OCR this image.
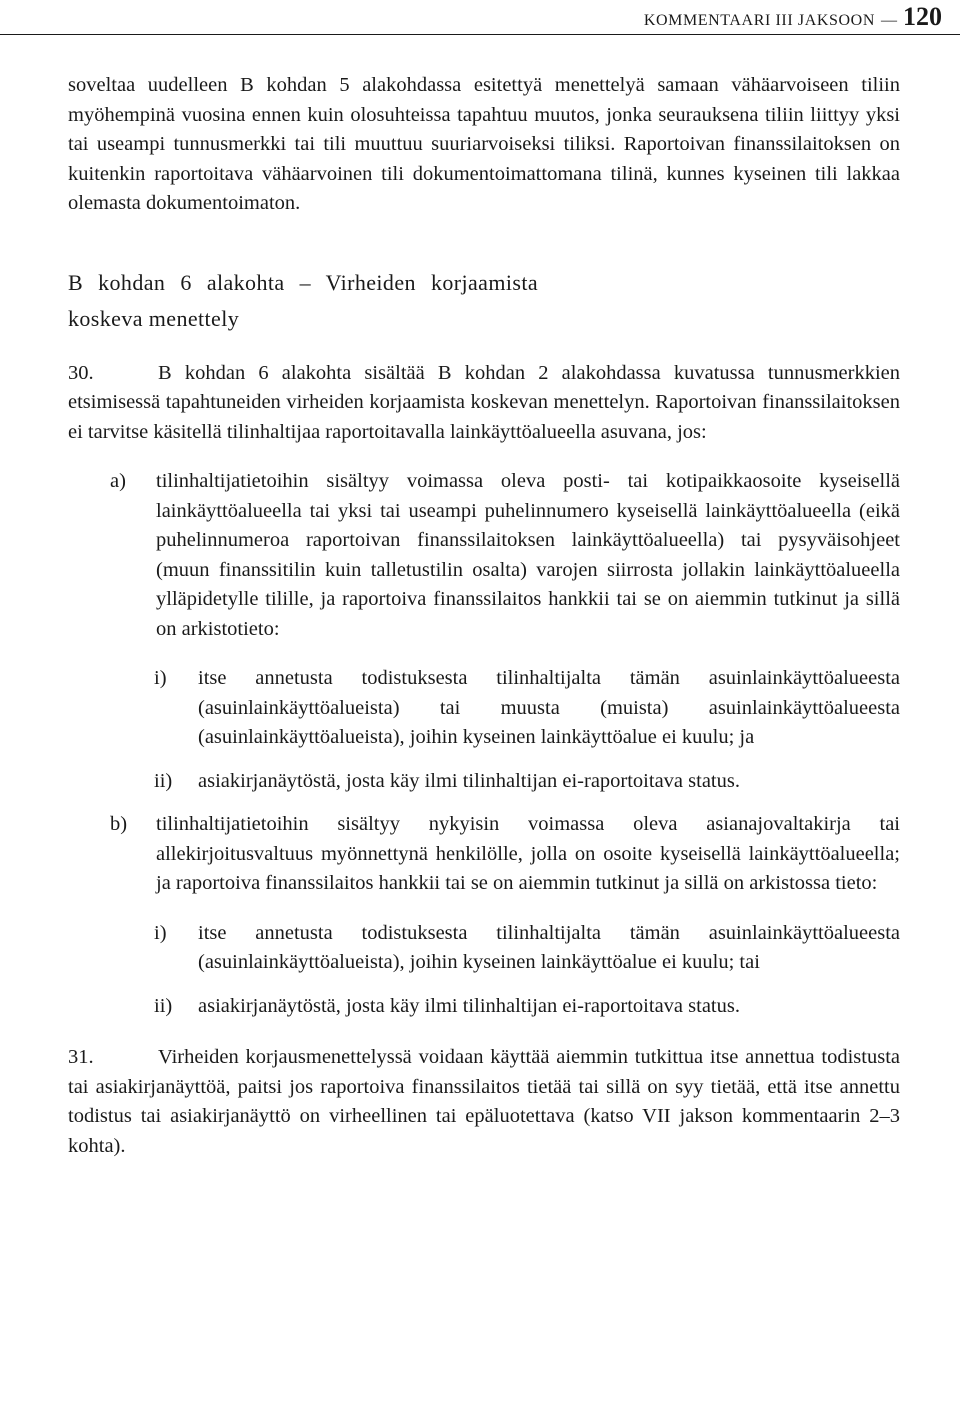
KOMMENTAARI III JAKSOON — 120

soveltaa uudelleen B kohdan 5 alakohdassa esitettyä menettelyä samaan vähäarvoiseen tiliin myöhempinä vuosina ennen kuin olosuhteissa tapahtuu muutos, jonka seurauksena tiliin liittyy yksi tai useampi tunnusmerkki tai tili muuttuu suuriarvoiseksi tiliksi. Raportoivan finanssilaitoksen on kuitenkin raportoitava vähäarvoinen tili dokumentoimattomana tilinä, kunnes kyseinen tili lakkaa olemasta dokumentoimaton.

B kohdan 6 alakohta – Virheiden korjaamista koskeva menettely

30.	B kohdan 6 alakohta sisältää B kohdan 2 alakohdassa kuvatussa tunnusmerkkien etsimisessä tapahtuneiden virheiden korjaamista koskevan menettelyn. Raportoivan finanssilaitoksen ei tarvitse käsitellä tilinhaltijaa raportoitavalla lainkäyttöalueella asuvana, jos:

a) tilinhaltijatietoihin sisältyy voimassa oleva posti- tai kotipaikkaosoite kyseisellä lainkäyttöalueella tai yksi tai useampi puhelinnumero kyseisellä lainkäyttöalueella (eikä puhelinnumeroa raportoivan finanssilaitoksen lainkäyttöalueella) tai pysyväisohjeet (muun finanssitilin kuin talletustilin osalta) varojen siirrosta jollakin lainkäyttöalueella ylläpidetylle tilille, ja raportoiva finanssilaitos hankkii tai se on aiemmin tutkinut ja sillä on arkistotieto:
i) itse annetusta todistuksesta tilinhaltijalta tämän asuinlainkäyttöalueesta (asuinlainkäyttöalueista) tai muusta (muista) asuinlainkäyttöalueesta (asuinlainkäyttöalueista), joihin kyseinen lainkäyttöalue ei kuulu; ja
ii) asiakirjanäytöstä, josta käy ilmi tilinhaltijan ei-raportoitava status.
b) tilinhaltijatietoihin sisältyy nykyisin voimassa oleva asianajovaltakirja tai allekirjoitusvaltuus myönnettynä henkilölle, jolla on osoite kyseisellä lainkäyttöalueella; ja raportoiva finanssilaitos hankkii tai se on aiemmin tutkinut ja sillä on arkistossa tieto:
i) itse annetusta todistuksesta tilinhaltijalta tämän asuinlainkäyttöalueesta (asuinlainkäyttöalueista), joihin kyseinen lainkäyttöalue ei kuulu; tai
ii) asiakirjanäytöstä, josta käy ilmi tilinhaltijan ei-raportoitava status.

31.	Virheiden korjausmenettelyssä voidaan käyttää aiemmin tutkittua itse annettua todistusta tai asiakirjanäyttöä, paitsi jos raportoiva finanssilaitos tietää tai sillä on syy tietää, että itse annettu todistus tai asiakirjanäyttö on virheellinen tai epäluotettava (katso VII jakson kommentaarin 2–3 kohta).
